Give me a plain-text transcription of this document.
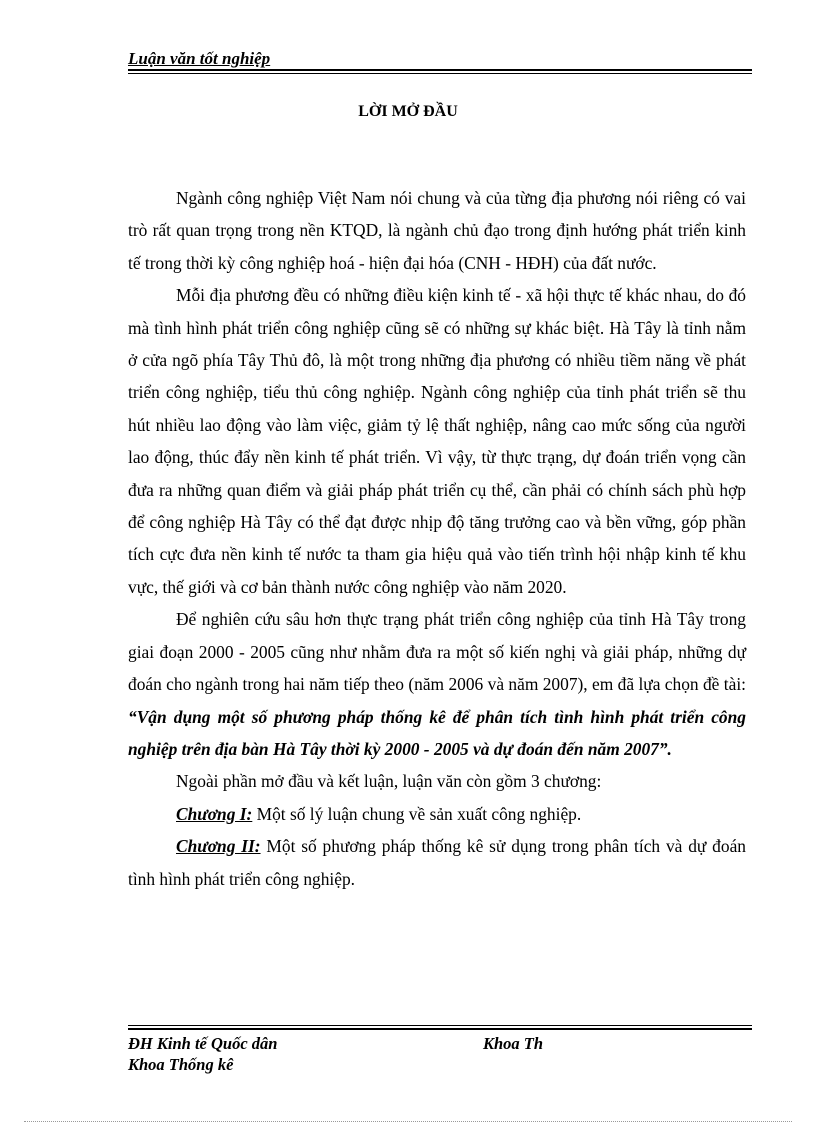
Luận văn tốt nghiệp
LỜI MỞ ĐẦU

Ngành công nghiệp Việt Nam nói chung và của từng địa phương nói riêng có vai trò rất quan trọng trong nền KTQD, là ngành chủ đạo trong định hướng phát triển kinh tế trong thời kỳ công nghiệp hoá - hiện đại hóa (CNH - HĐH) của đất nước.

Mỗi địa phương đều có những điều kiện kinh tế - xã hội thực tế khác nhau, do đó mà tình hình phát triển công nghiệp cũng sẽ có những sự khác biệt. Hà Tây là tỉnh nằm ở cửa ngõ phía Tây Thủ đô, là một trong những địa phương có nhiều tiềm năng về phát triển công nghiệp, tiểu thủ công nghiệp. Ngành công nghiệp của tỉnh phát triển sẽ thu hút nhiều lao động vào làm việc, giảm tỷ lệ thất nghiệp, nâng cao mức sống của người lao động, thúc đẩy nền kinh tế phát triển. Vì vậy, từ thực trạng, dự đoán triển vọng cần đưa ra những quan điểm và giải pháp phát triển cụ thể, cần phải có chính sách phù hợp để công nghiệp Hà Tây có thể đạt được nhịp độ tăng trưởng cao và bền vững, góp phần tích cực đưa nền kinh tế nước ta tham gia hiệu quả vào tiến trình hội nhập kinh tế khu vực, thế giới và cơ bản thành nước công nghiệp vào năm 2020.

Để nghiên cứu sâu hơn thực trạng phát triển công nghiệp của tỉnh Hà Tây trong giai đoạn 2000 - 2005 cũng như nhằm đưa ra một số kiến nghị và giải pháp, những dự đoán cho ngành trong hai năm tiếp theo (năm 2006 và năm 2007), em đã lựa chọn đề tài: “Vận dụng một số phương pháp thống kê để phân tích tình hình phát triển công nghiệp trên địa bàn Hà Tây thời kỳ 2000 - 2005 và dự đoán đến năm 2007”.

Ngoài phần mở đầu và kết luận, luận văn còn gồm 3 chương:

Chương I: Một số lý luận chung về sản xuất công nghiệp.

Chương II: Một số phương pháp thống kê sử dụng trong phân tích và dự đoán tình hình phát triển công nghiệp.

ĐH Kinh tế Quốc dân	Khoa Th
Khoa Thống kê
